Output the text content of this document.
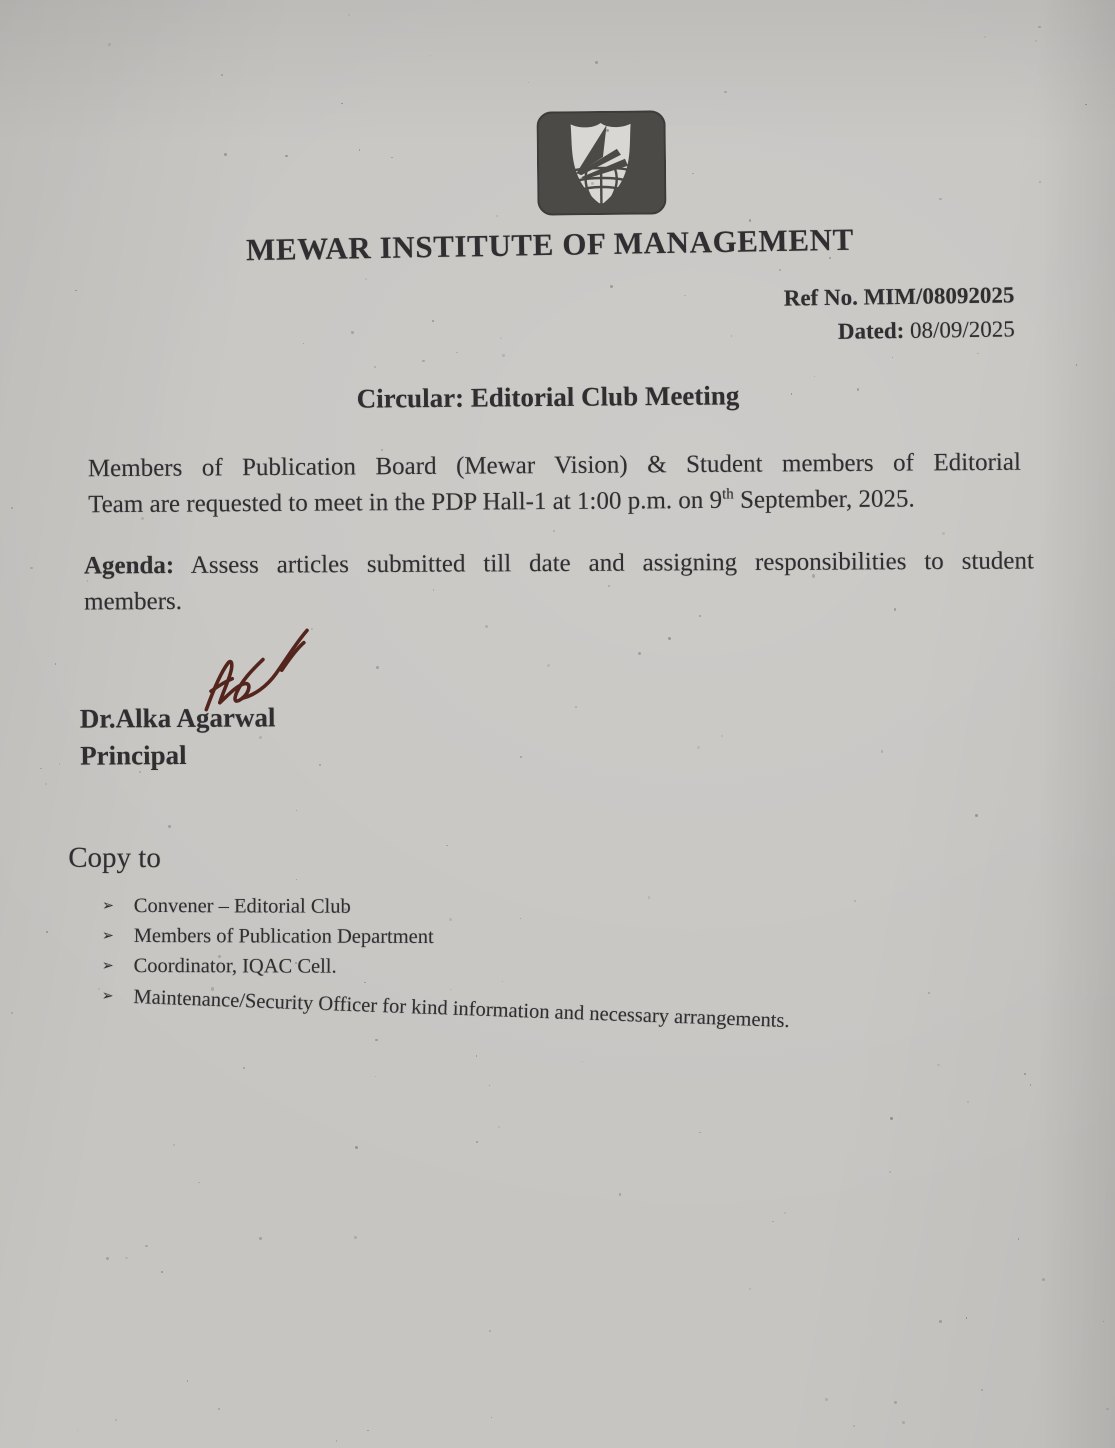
MEWAR INSTITUTE OF MANAGEMENT
Ref No. MIM/08092025
Dated: 08/09/2025
Circular: Editorial Club Meeting
Members of Publication Board (Mewar Vision) & Student members of Editorial
Team are requested to meet in the PDP Hall-1 at 1:00 p.m. on 9th September, 2025.
Agenda: Assess articles submitted till date and assigning responsibilities to student
members.
Dr.Alka Agarwal
Principal
Copy to
➢ Convener – Editorial Club
➢ Members of Publication Department
➢ Coordinator, IQAC Cell.
➢ Maintenance/Security Officer for kind information and necessary arrangements.
